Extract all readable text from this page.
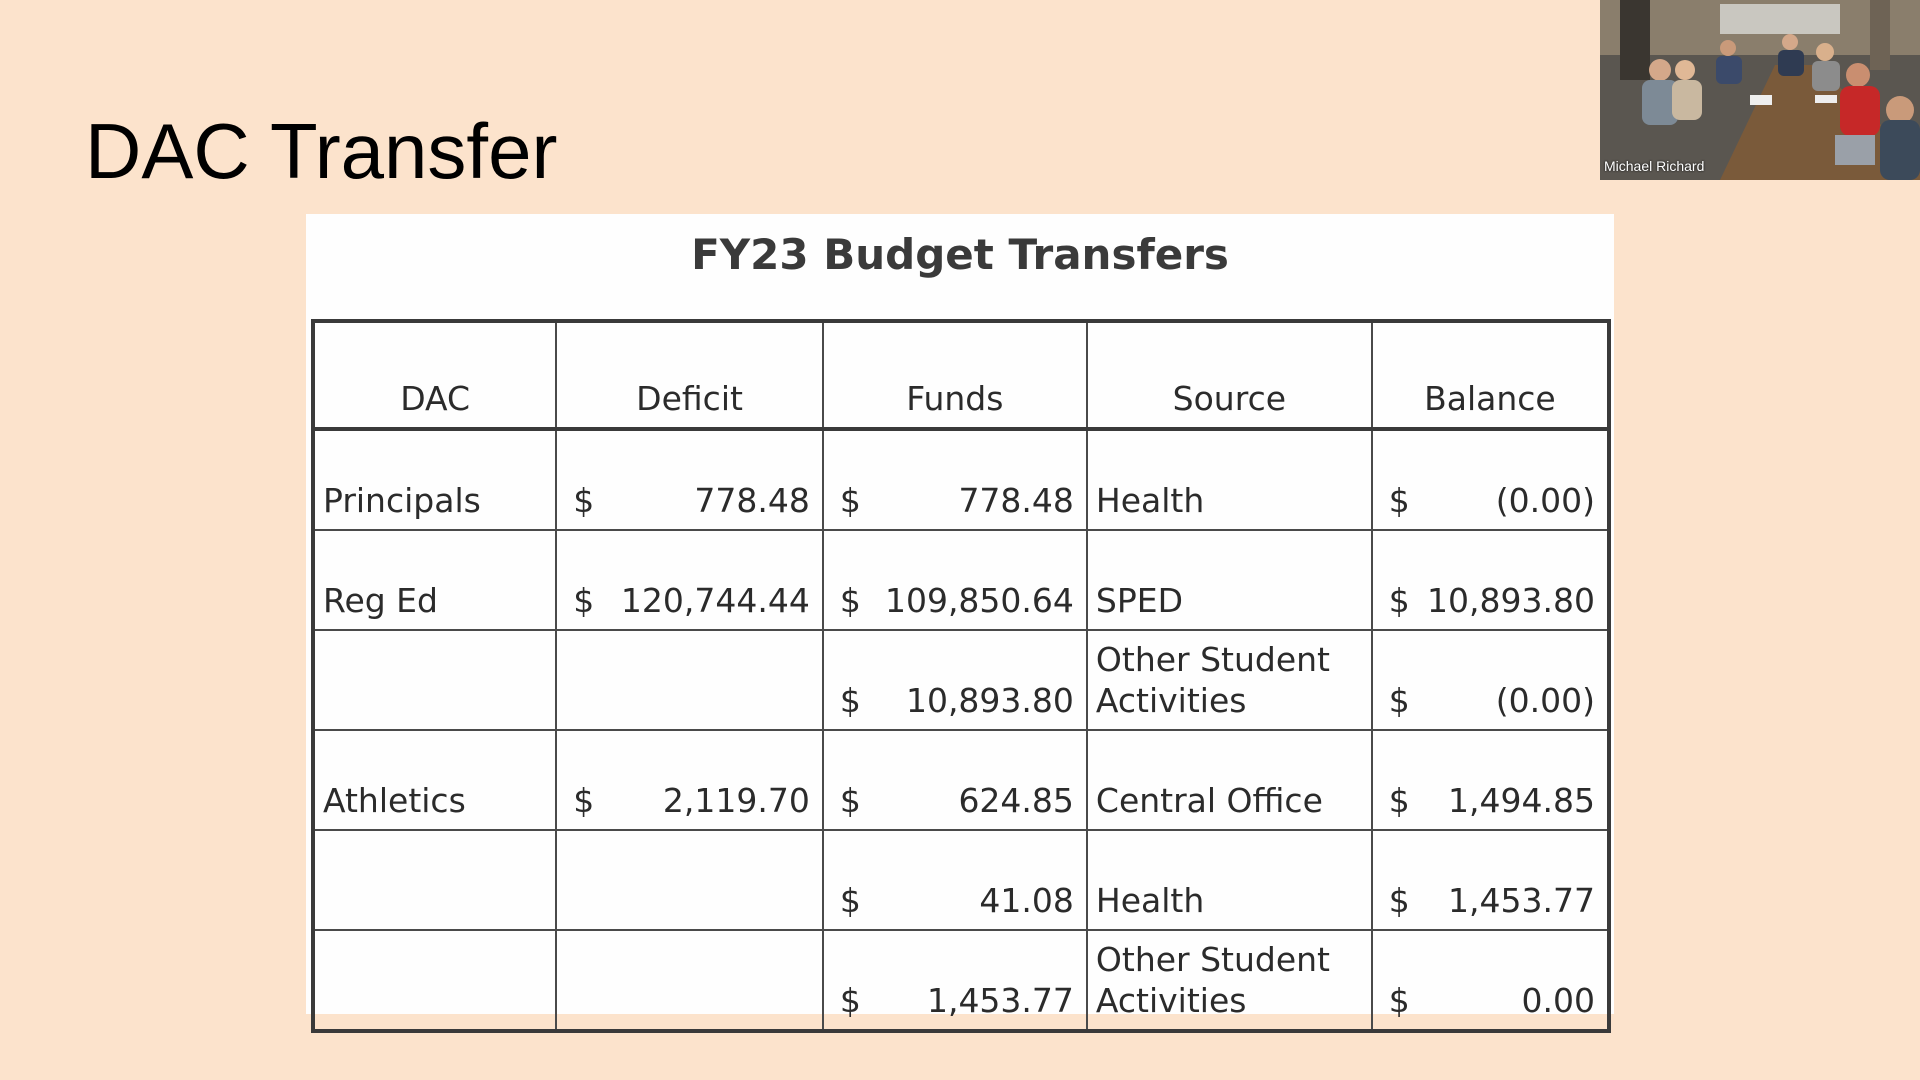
DAC Transfer
FY23 Budget Transfers
DAC	Deficit	Funds	Source	Balance
Principals	$ 778.48	$ 778.48	Health	$ (0.00)

Reg Ed	$ 120,744.44	$ 109,850.64	SPED	$ 10,893.80

		$ 10,893.80	Other Student Activities	$ (0.00)

Athletics	$ 2,119.70	$ 624.85	Central Office	$ 1,494.85

		$ 41.08	Health	$ 1,453.77

		$ 1,453.77	Other Student Activities	$ 0.00
Michael Richard
